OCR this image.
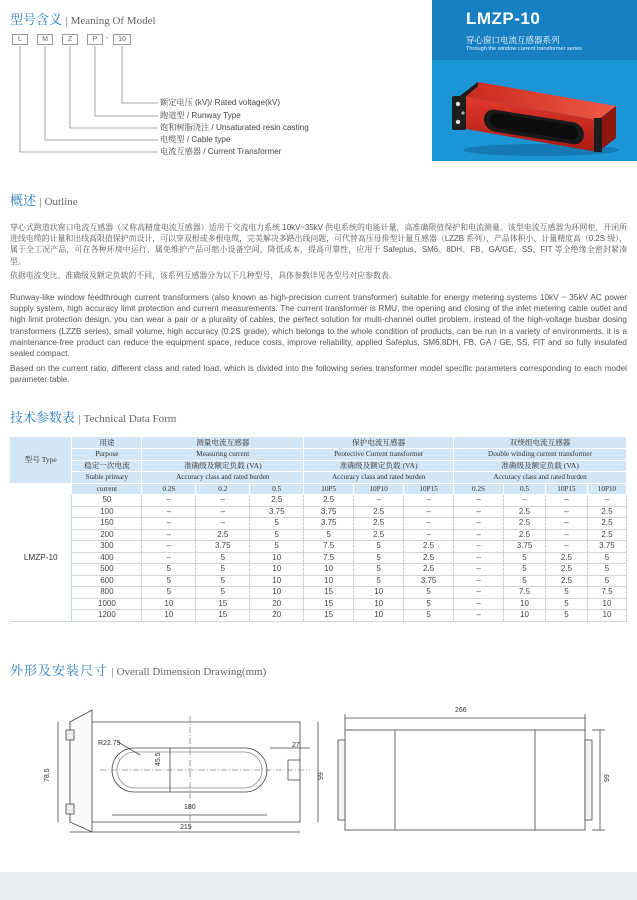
型号含义 | Meaning Of Model
L	M	Z	P	-	10
额定电压 (kV)/ Rated voltage(kV)
跑道型 / Runway Type
饱和树脂浇注 / Unsaturated resin casting
电缆型 / Cable type
电流互感器 / Current Transformer
LMZP-10
穿心窗口电流互感器系列
Through the window current transformer series
概述 | Outline
穿心式跑道状窗口电流互感器（又称高精度电流互感器）适用于交流电力系统 10kV~35kV 供电系统的电能计量，高准确限值保护和电流测量。该型电流互感器为环网柜、开闭所进线电缆的计量和出线高限值保护而设计，可以穿双根或多根电缆，完美解决多路出线问题，可代替高压母排型计量互感器（LZZB 系列），产品体积小、计量精度高（0.2S 级），属于全工况产品，可在各种环境中运行，属免维护产品可缩小设备空间，降低成本，提高可靠性，应用于 Safeplus、SM6、8DH、FB、GA/GE、SS、FIT 等全绝缘全密封紧凑型。
依据电流变比、准确级及额定负载的不同，该系列互感器分为以下几种型号，具体参数详见各型号对应参数表。
Runway-like window feedthrough current transformers (also known as high-precision current transformer) suitable for energy metering systems 10kV ~ 35kV AC power supply system, high accuracy limit protection and current measurements. The current transformer is RMU, the opening and closing of the inlet metering cable outlet and high limit protection design, you can wear a pair or a plurality of cables, the perfect solution for multi-channel outlet problem, instead of the high-voltage busbar dosing transformers (LZZB series), small volume, high accuracy (0.2S grade), which belongs to the whole condition of products, can be run in a variety of environments, it is a maintenance-free product can reduce the equipment space, reduce costs, improve reliability, applied Safeplus, SM6,8DH, FB, GA / GE, SS, FIT and so fully insulated sealed compact.
Based on the current ratio, different class and rated load, which is divided into the following series transformer model specific parameters corresponding to each model parameter table.
技术参数表 | Technical Data Form
型号 Type	用途	测量电流互感器			保护电流互感器			双绕组电流互感器			
	Purpose	Measuring current			Peotective Current transformer			Double winding current transformer			
	稳定一次电流	准确级及额定负载 (VA)			准确级及额定负载 (VA)			准确级及额定负载 (VA)			
	Stable primary	Accuracy class and rated burden			Accuracy class and rated burden			Accuracy class and rated burden			
	current	0.2S	0.2	0.5	10P5	10P10	10P15	0.2S	0.5	10P15	10P10
LMZP-10	50	–	–	2.5	2.5	–	–	–	–	–	–
	100	–	–	3.75	3.75	2.5	–	–	2.5	–	2.5
	150	–	–	5	3.75	2.5	–	–	2.5	–	2.5
	200	–	2.5	5	5	2.5	–	–	2.5	–	2.5
	300	–	3.75	5	7.5	5	2.5	–	3.75	–	3.75
	400	–	5	10	7.5	5	2.5	–	5	2.5	5
	500	5	5	10	10	5	2.5	–	5	2.5	5
	600	5	5	10	10	5	3.75	–	5	2.5	5
	800	5	5	10	15	10	5	–	7.5	5	7.5
	1000	10	15	20	15	10	5	–	10	5	10
	1200	10	15	20	15	10	5	–	10	5	10
外形及安装尺寸 | Overall Dimension Drawing(mm)
R22.75
45.5
78.5	99
180
215
27
266
99
